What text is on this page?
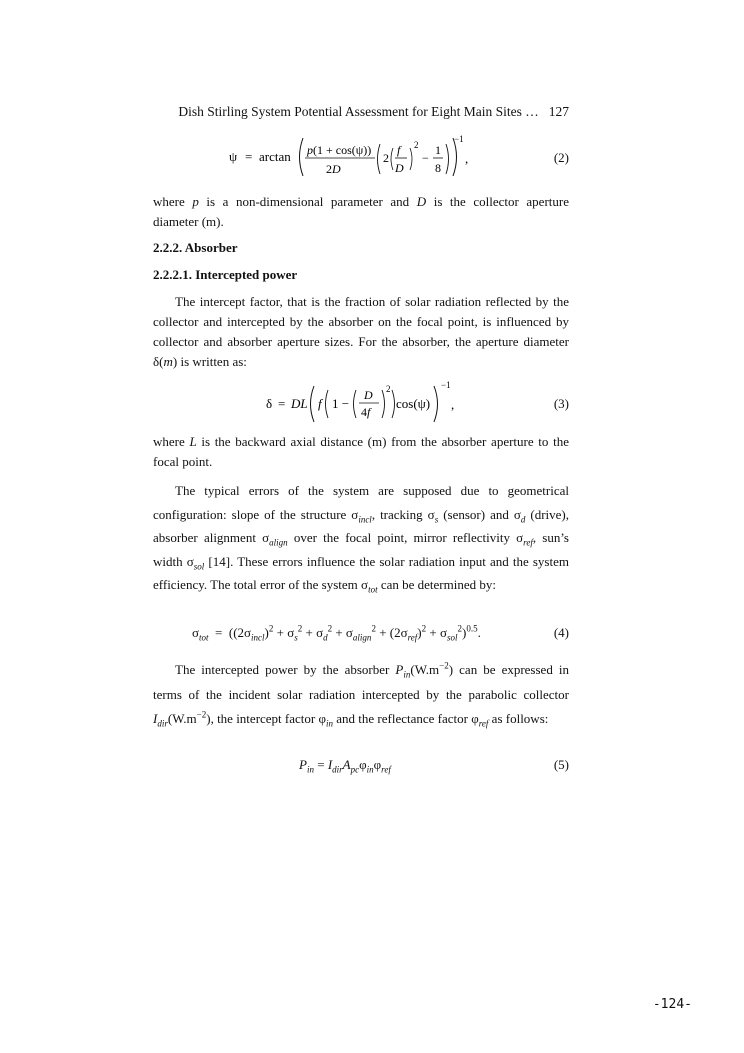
Dish Stirling System Potential Assessment for Eight Main Sites … 127
ψ = arctan p(1 + cos(ψ))
2D
2
f
D
2
−
1
8
−1
,	(2)

where p is a non-dimensional parameter and D is the collector aperture diameter (m).

2.2.2. Absorber
2.2.2.1. Intercepted power

The intercept factor, that is the fraction of solar radiation reflected by the collector and intercepted by the absorber on the focal point, is influenced by collector and absorber aperture sizes. For the absorber, the aperture diameter δ(m) is written as:

δ = DL f 1 −
D
4f
2
cos(ψ)
−1
,	(3)

where L is the backward axial distance (m) from the absorber aperture to the focal point.

The typical errors of the system are supposed due to geometrical configuration: slope of the structure $\sigma_{incl}$, tracking $\sigma_s$ (sensor) and $\sigma_d$ (drive), absorber alignment $\sigma_{align}$ over the focal point, mirror reflectivity $\sigma_{ref}$, sun’s width $\sigma_{sol}$ [14]. These errors influence the solar radiation input and the system efficiency. The total error of the system $\sigma_{tot}$ can be determined by:

$\sigma_{tot} = ((2\sigma_{incl})^2 + \sigma_s^2 + \sigma_d^2 + \sigma_{align}^2 + (2\sigma_{ref})^2 + \sigma_{sol}^2)^{0.5}$.	(4)

The intercepted power by the absorber $P_{in}(W.m^{-2})$ can be expressed in terms of the incident solar radiation intercepted by the parabolic collector $I_{dir}(W.m^{-2})$, the intercept factor $\varphi_{in}$ and the reflectance factor $\varphi_{ref}$ as follows:

$P_{in} = I_{dir}A_{pc}\varphi_{in}\varphi_{ref}$	(5)
-124-
